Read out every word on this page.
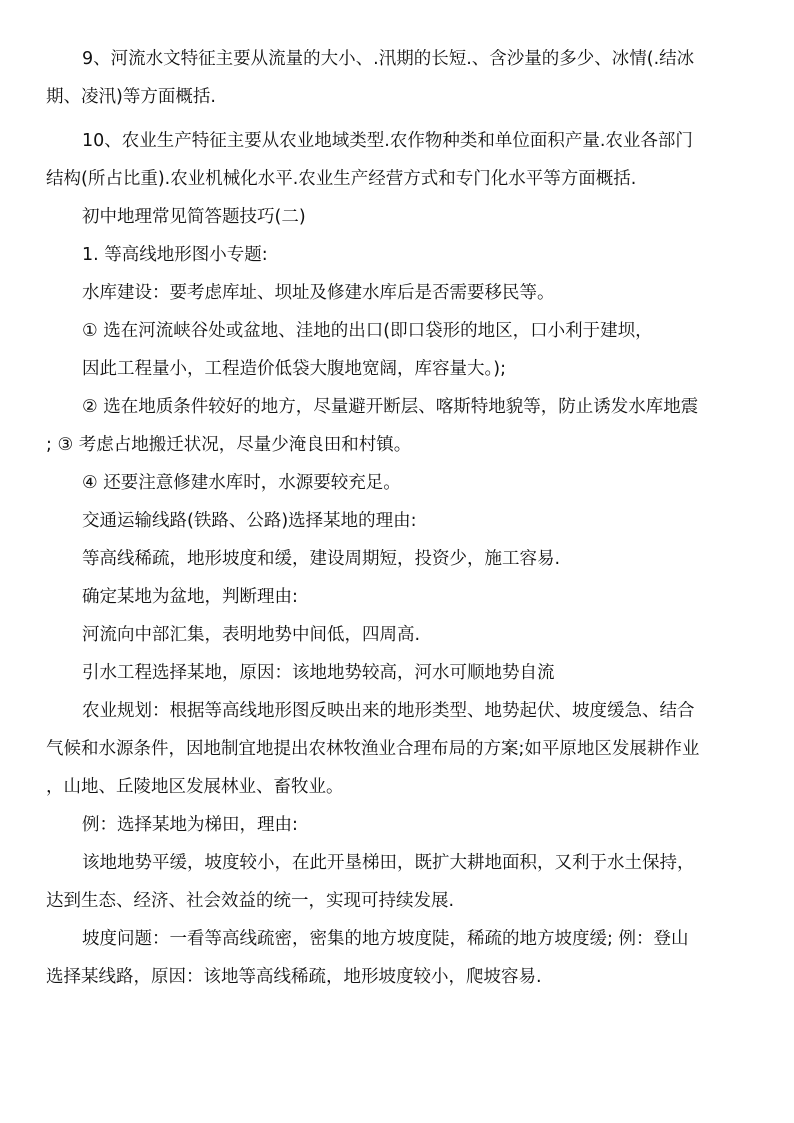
9、河流水文特征主要从流量的大小、.汛期的长短.、含沙量的多少、冰情(.结冰
期、凌汛)等方面概括.
10、农业生产特征主要从农业地域类型.农作物种类和单位面积产量.农业各部门
结构(所占比重).农业机械化水平.农业生产经营方式和专门化水平等方面概括.
初中地理常见简答题技巧(二)
1. 等高线地形图小专题:
水库建设：要考虑库址、坝址及修建水库后是否需要移民等。
① 选在河流峡谷处或盆地、洼地的出口(即口袋形的地区，口小利于建坝，
因此工程量小，工程造价低袋大腹地宽阔，库容量大。);
② 选在地质条件较好的地方，尽量避开断层、喀斯特地貌等，防止诱发水库地震
; ③ 考虑占地搬迁状况，尽量少淹良田和村镇。
④ 还要注意修建水库时，水源要较充足。
交通运输线路(铁路、公路)选择某地的理由:
等高线稀疏，地形坡度和缓，建设周期短，投资少，施工容易.
确定某地为盆地，判断理由:
河流向中部汇集，表明地势中间低，四周高.
引水工程选择某地，原因：该地地势较高，河水可顺地势自流
农业规划：根据等高线地形图反映出来的地形类型、地势起伏、坡度缓急、结合
气候和水源条件，因地制宜地提出农林牧渔业合理布局的方案;如平原地区发展耕作业
，山地、丘陵地区发展林业、畜牧业。
例：选择某地为梯田，理由:
该地地势平缓，坡度较小，在此开垦梯田，既扩大耕地面积，又利于水土保持，
达到生态、经济、社会效益的统一，实现可持续发展.
坡度问题：一看等高线疏密，密集的地方坡度陡，稀疏的地方坡度缓; 例：登山
选择某线路，原因：该地等高线稀疏，地形坡度较小，爬坡容易.
